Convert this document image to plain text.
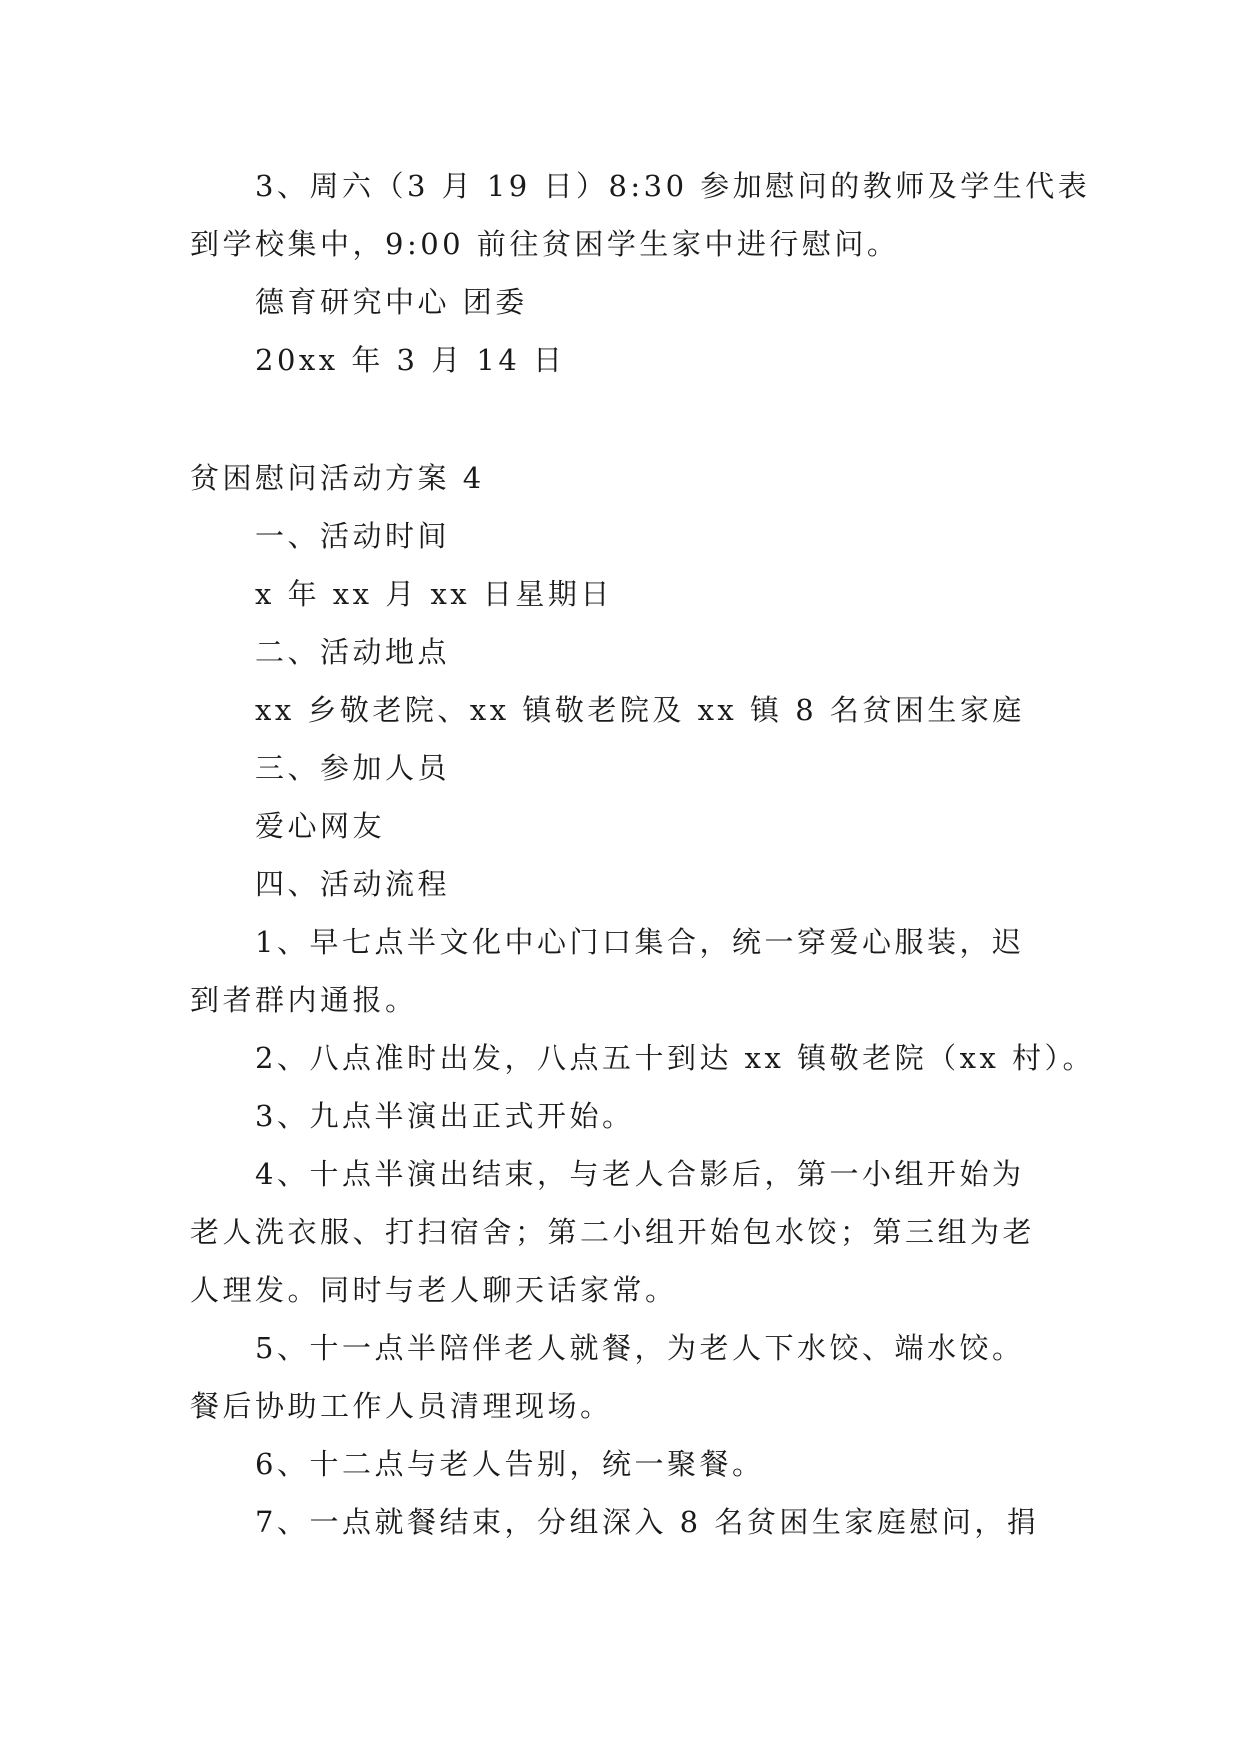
3、周六（3 月 19 日）8:30 参加慰问的教师及学生代表
到学校集中，9:00 前往贫困学生家中进行慰问。
德育研究中心 团委
20xx 年 3 月 14 日
贫困慰问活动方案 4
一、活动时间
x 年 xx 月 xx 日星期日
二、活动地点
xx 乡敬老院、xx 镇敬老院及 xx 镇 8 名贫困生家庭
三、参加人员
爱心网友
四、活动流程
1、早七点半文化中心门口集合，统一穿爱心服装，迟
到者群内通报。
2、八点准时出发，八点五十到达 xx 镇敬老院（xx 村）。
3、九点半演出正式开始。
4、十点半演出结束，与老人合影后，第一小组开始为
老人洗衣服、打扫宿舍；第二小组开始包水饺；第三组为老
人理发。同时与老人聊天话家常。
5、十一点半陪伴老人就餐，为老人下水饺、端水饺。
餐后协助工作人员清理现场。
6、十二点与老人告别，统一聚餐。
7、一点就餐结束，分组深入 8 名贫困生家庭慰问，捐
